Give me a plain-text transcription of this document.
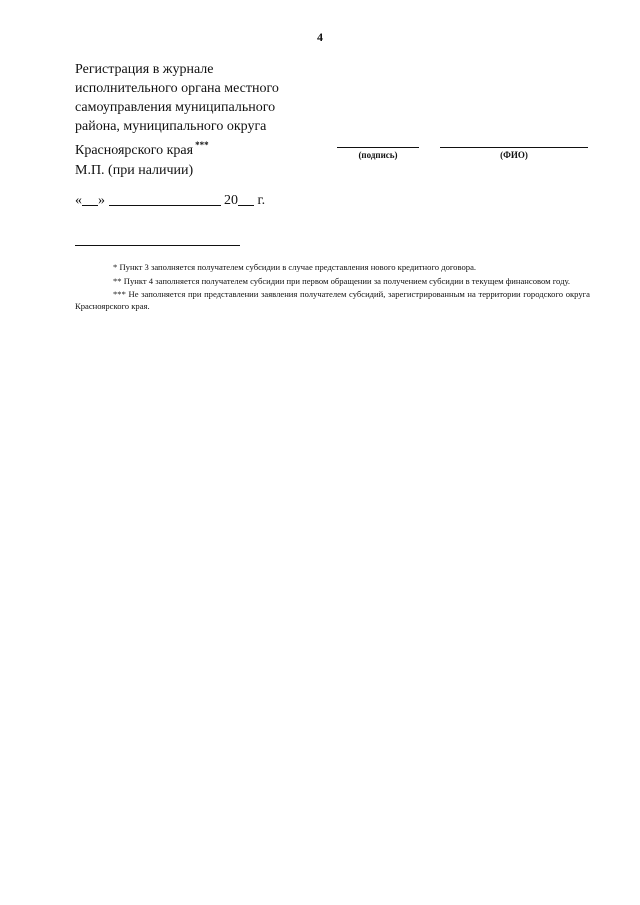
4
Регистрация в журнале
исполнительного органа местного
самоуправления муниципального
района, муниципального округа
Красноярского края ***
(подпись)	(ФИО)
М.П. (при наличии)
« »	20 г.

* Пункт 3 заполняется получателем субсидии в случае представления нового кредитного договора.

** Пункт 4 заполняется получателем субсидии при первом обращении за получением субсидии в текущем финансовом году.

*** Не заполняется при представлении заявления получателем субсидий, зарегистрированным на территории городского округа Красноярского края.
